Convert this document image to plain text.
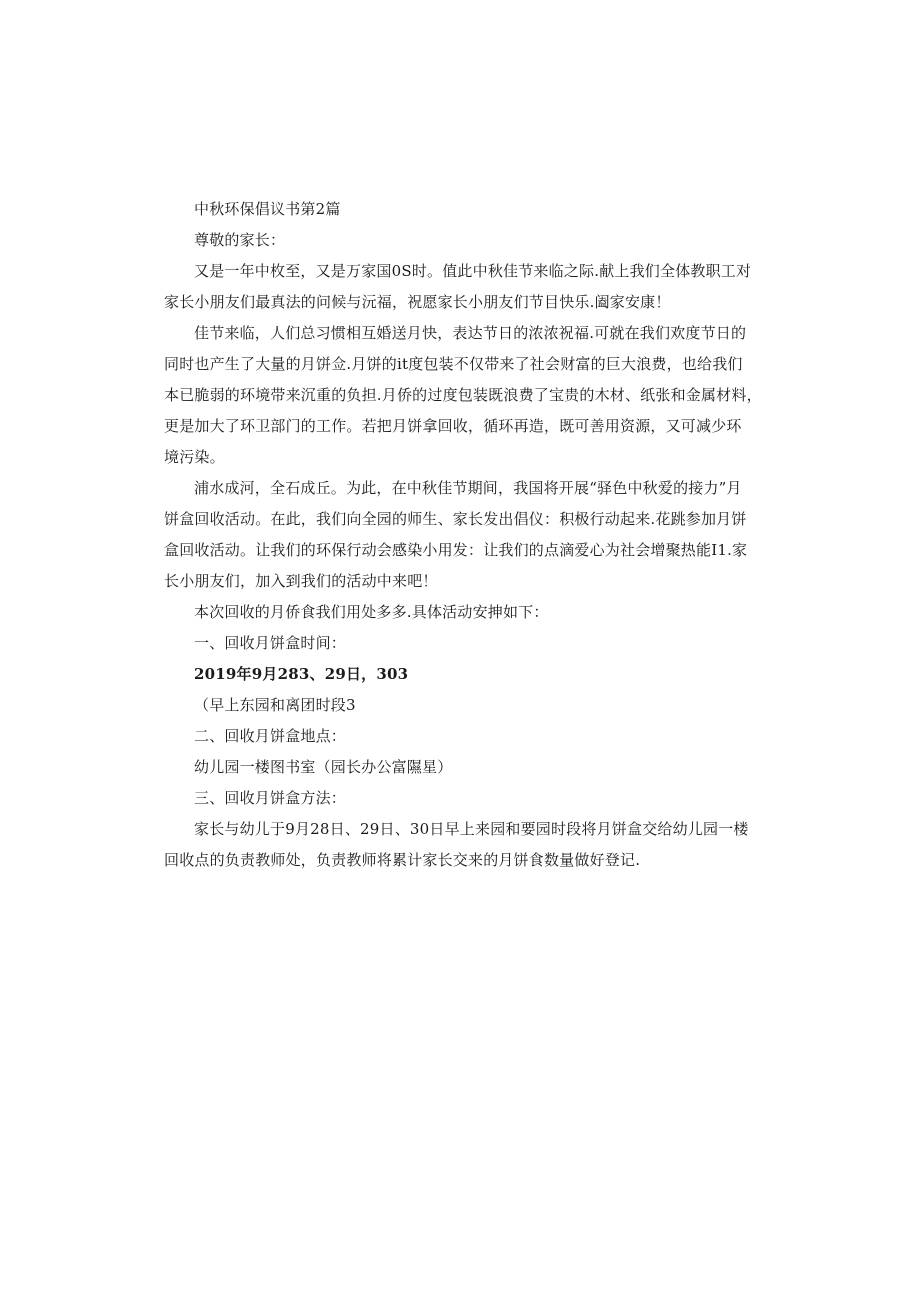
中秋环保倡议书第2篇
尊敬的家长：
又是一年中枚至，又是万家国0S时。值此中秋佳节来临之际.献上我们全体教职工对
家长小朋友们最真法的问候与沅福，祝愿家长小朋友们节目快乐.阖家安康！
佳节来临，人们总习惯相互婚送月快，表达节日的浓浓祝福.可就在我们欢度节日的
同时也产生了大量的月饼佥.月饼的it度包装不仅带来了社会财富的巨大浪费，也给我们
本已脆弱的环境带来沉重的负担.月侨的过度包装既浪费了宝贵的木材、纸张和金属材料，
更是加大了环卫部门的工作。若把月饼拿回收，循环再造，既可善用资源，又可减少环
境污染。
浦水成河，全石成丘。为此，在中秋佳节期间，我国将开展“驿色中秋爱的接力”月
饼盒回收活动。在此，我们向全园的师生、家长发出倡仪：积极行动起来.花跳参加月饼
盒回收活动。让我们的环保行动会感染小用发：让我们的点滴爱心为社会增聚热能I1.家
长小朋友们，加入到我们的活动中来吧！
本次回收的月侨食我们用处多多.具体活动安抻如下：
一、回收月饼盒时间：
2019年9月283、29日，303
（早上东园和离团时段3
二、回收月饼盒地点：
幼儿园一楼图书室（园长办公富隰星）
三、回收月饼盒方法：
家长与幼儿于9月28日、29日、30日早上来园和要园时段将月饼盒交给幼儿园一楼
回收点的负责教师处，负责教师将累计家长交来的月饼食数量做好登记.
